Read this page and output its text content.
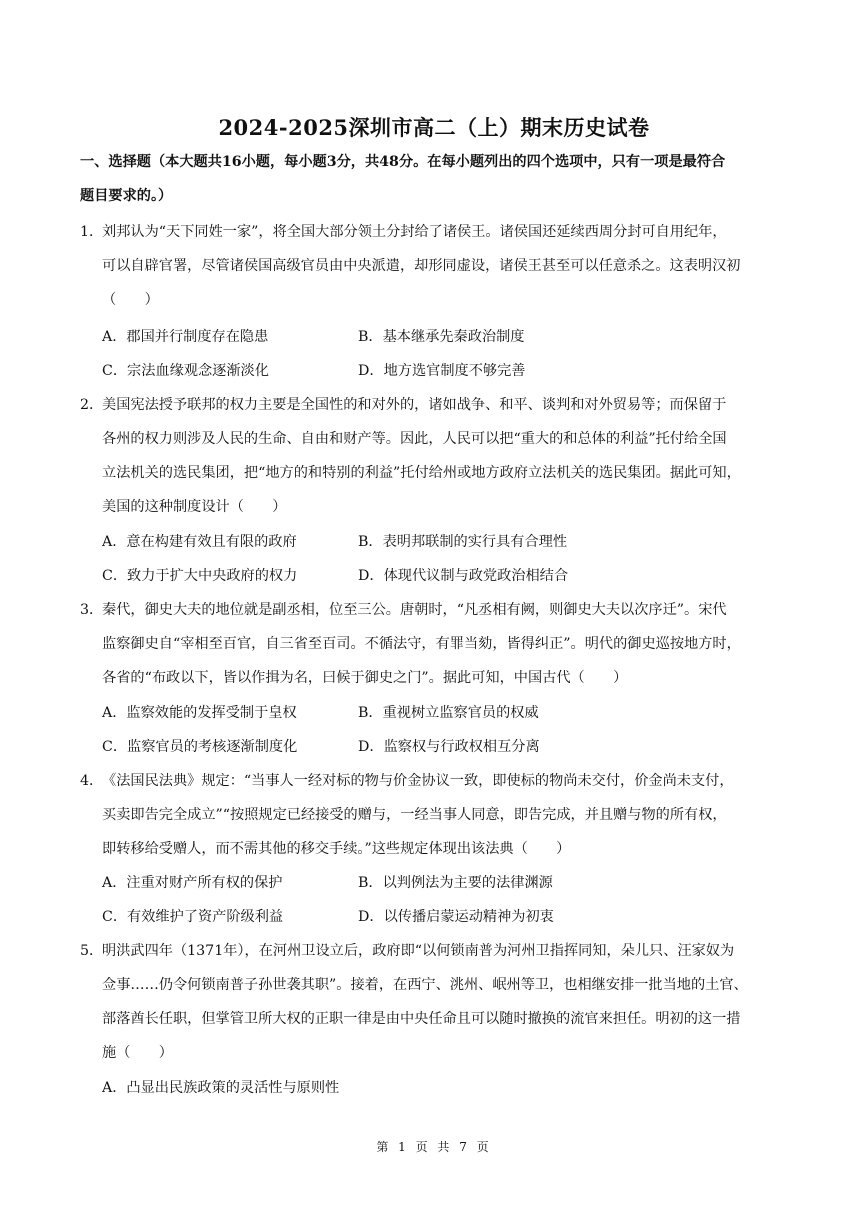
2024-2025深圳市高二（上）期末历史试卷
一、选择题（本大题共16小题，每小题3分，共48分。在每小题列出的四个选项中，只有一项是最符合
题目要求的。）
1．刘邦认为“天下同姓一家”，将全国大部分领土分封给了诸侯王。诸侯国还延续西周分封可自用纪年，
可以自辟官署，尽管诸侯国高级官员由中央派遣，却形同虚设，诸侯王甚至可以任意杀之。这表明汉初
（　　）
A．郡国并行制度存在隐患	B．基本继承先秦政治制度
C．宗法血缘观念逐渐淡化	D．地方选官制度不够完善
2．美国宪法授予联邦的权力主要是全国性的和对外的，诸如战争、和平、谈判和对外贸易等；而保留于
各州的权力则涉及人民的生命、自由和财产等。因此，人民可以把“重大的和总体的利益”托付给全国
立法机关的选民集团，把“地方的和特别的利益”托付给州或地方政府立法机关的选民集团。据此可知，
美国的这种制度设计（　　）
A．意在构建有效且有限的政府	B．表明邦联制的实行具有合理性
C．致力于扩大中央政府的权力	D．体现代议制与政党政治相结合
3．秦代，御史大夫的地位就是副丞相，位至三公。唐朝时，“凡丞相有阙，则御史大夫以次序迁”。宋代
监察御史自“宰相至百官，自三省至百司。不循法守，有罪当劾，皆得纠正”。明代的御史巡按地方时，
各省的“布政以下，皆以作揖为名，曰候于御史之门”。据此可知，中国古代（　　）
A．监察效能的发挥受制于皇权	B．重视树立监察官员的权威
C．监察官员的考核逐渐制度化	D．监察权与行政权相互分离
4．《法国民法典》规定：“当事人一经对标的物与价金协议一致，即使标的物尚未交付，价金尚未支付，
买卖即告完全成立”“按照规定已经接受的赠与，一经当事人同意，即告完成，并且赠与物的所有权，
即转移给受赠人，而不需其他的移交手续。”这些规定体现出该法典（　　）
A．注重对财产所有权的保护	B．以判例法为主要的法律渊源
C．有效维护了资产阶级利益	D．以传播启蒙运动精神为初衷
5．明洪武四年（1371年），在河州卫设立后，政府即“以何锁南普为河州卫指挥同知，朵儿只、汪家奴为
佥事……仍令何锁南普子孙世袭其职”。接着，在西宁、洮州、岷州等卫，也相继安排一批当地的土官、
部落酋长任职，但掌管卫所大权的正职一律是由中央任命且可以随时撤换的流官来担任。明初的这一措
施（　　）
A．凸显出民族政策的灵活性与原则性
第 1 页 共 7 页
